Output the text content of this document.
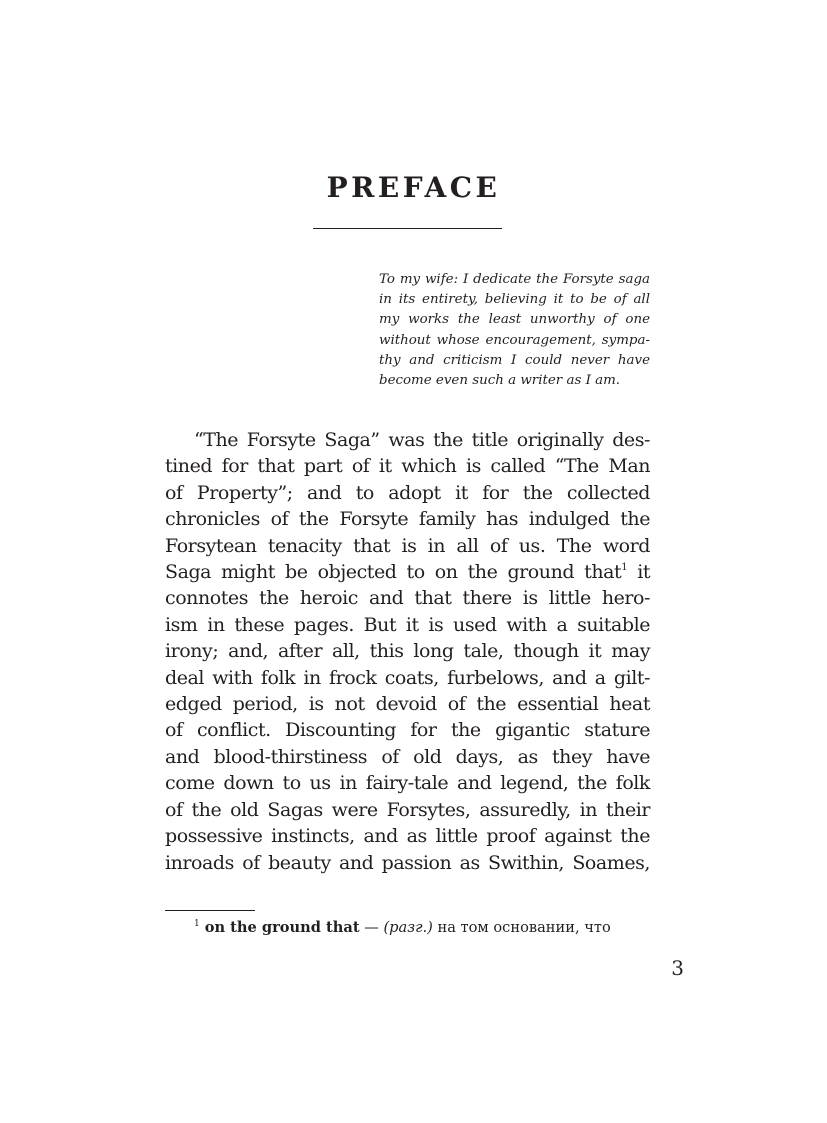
PREFACE

To my wife: I dedicate the Forsyte saga
in its entirety, believing it to be of all
my works the least unworthy of one
without whose encouragement, sympa-
thy and criticism I could never have
become even such a writer as I am.

“The Forsyte Saga” was the title originally des-
tined for that part of it which is called “The Man
of Property”; and to adopt it for the collected
chronicles of the Forsyte family has indulged the
Forsytean tenacity that is in all of us. The word
Saga might be objected to on the ground that$^1$ it
connotes the heroic and that there is little hero-
ism in these pages. But it is used with a suitable
irony; and, after all, this long tale, though it may
deal with folk in frock coats, furbelows, and a gilt-
edged period, is not devoid of the essential heat
of conflict. Discounting for the gigantic stature
and blood-thirstiness of old days, as they have
come down to us in fairy-tale and legend, the folk
of the old Sagas were Forsytes, assuredly, in their
possessive instincts, and as little proof against the
inroads of beauty and passion as Swithin, Soames,

$^1$ on the ground that — (разг.) на том основании, что

3
